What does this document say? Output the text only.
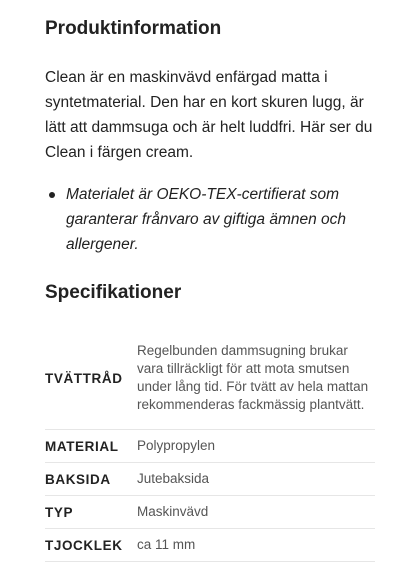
Produktinformation

Clean är en maskinvävd enfärgad matta i syntetmaterial. Den har en kort skuren lugg, är lätt att dammsuga och är helt luddfri. Här ser du Clean i färgen cream.

Materialet är OEKO-TEX-certifierat som garanterar frånvaro av giftiga ämnen och allergener.
Specifikationer
TVÄTTRÅD	Regelbunden dammsugning brukar vara tillräckligt för att mota smutsen under lång tid. För tvätt av hela mattan rekommenderas fackmässig plantvätt.
MATERIAL	Polypropylen
BAKSIDA	Jutebaksida
TYP	Maskinvävd
TJOCKLEK	ca 11 mm
